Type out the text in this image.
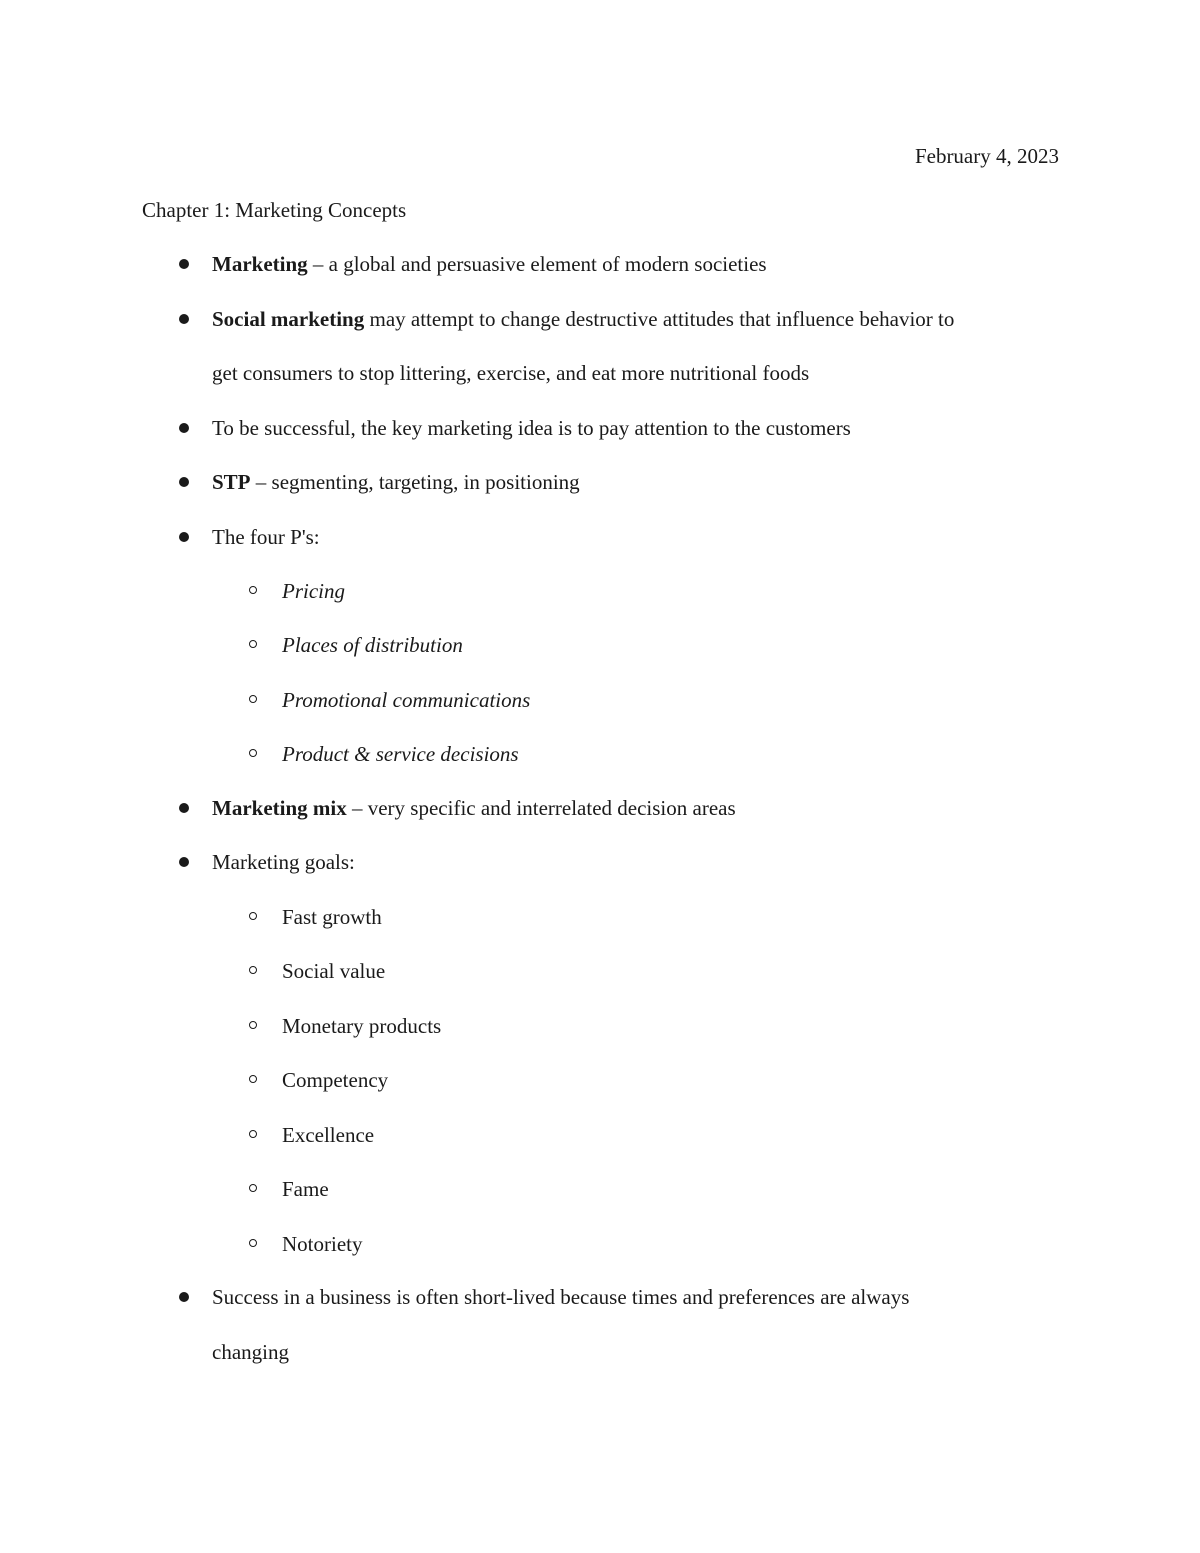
February 4, 2023
Chapter 1: Marketing Concepts
Marketing – a global and persuasive element of modern societies
Social marketing may attempt to change destructive attitudes that influence behavior to
get consumers to stop littering, exercise, and eat more nutritional foods
To be successful, the key marketing idea is to pay attention to the customers
STP – segmenting, targeting, in positioning
The four P's:
Pricing
Places of distribution
Promotional communications
Product & service decisions
Marketing mix – very specific and interrelated decision areas
Marketing goals:
Fast growth
Social value
Monetary products
Competency
Excellence
Fame
Notoriety
Success in a business is often short-lived because times and preferences are always
changing
